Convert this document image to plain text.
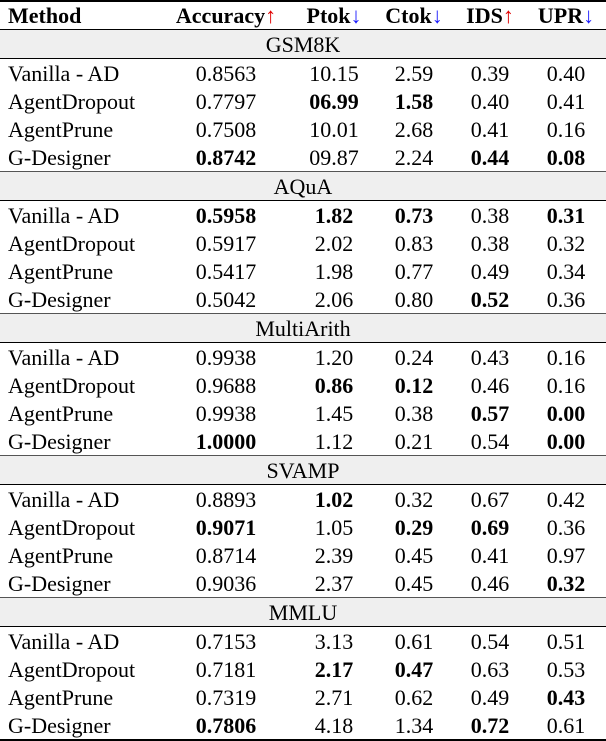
Method	Accuracy↑	Ptok↓	Ctok↓	IDS↑	UPR↓
GSM8K					
Vanilla - AD	0.8563	10.15	2.59	0.39	0.40
AgentDropout	0.7797	06.99	1.58	0.40	0.41
AgentPrune	0.7508	10.01	2.68	0.41	0.16
G-Designer	0.8742	09.87	2.24	0.44	0.08
AQuA					
Vanilla - AD	0.5958	1.82	0.73	0.38	0.31
AgentDropout	0.5917	2.02	0.83	0.38	0.32
AgentPrune	0.5417	1.98	0.77	0.49	0.34
G-Designer	0.5042	2.06	0.80	0.52	0.36
MultiArith					
Vanilla - AD	0.9938	1.20	0.24	0.43	0.16
AgentDropout	0.9688	0.86	0.12	0.46	0.16
AgentPrune	0.9938	1.45	0.38	0.57	0.00
G-Designer	1.0000	1.12	0.21	0.54	0.00
SVAMP					
Vanilla - AD	0.8893	1.02	0.32	0.67	0.42
AgentDropout	0.9071	1.05	0.29	0.69	0.36
AgentPrune	0.8714	2.39	0.45	0.41	0.97
G-Designer	0.9036	2.37	0.45	0.46	0.32
MMLU					
Vanilla - AD	0.7153	3.13	0.61	0.54	0.51
AgentDropout	0.7181	2.17	0.47	0.63	0.53
AgentPrune	0.7319	2.71	0.62	0.49	0.43
G-Designer	0.7806	4.18	1.34	0.72	0.61
